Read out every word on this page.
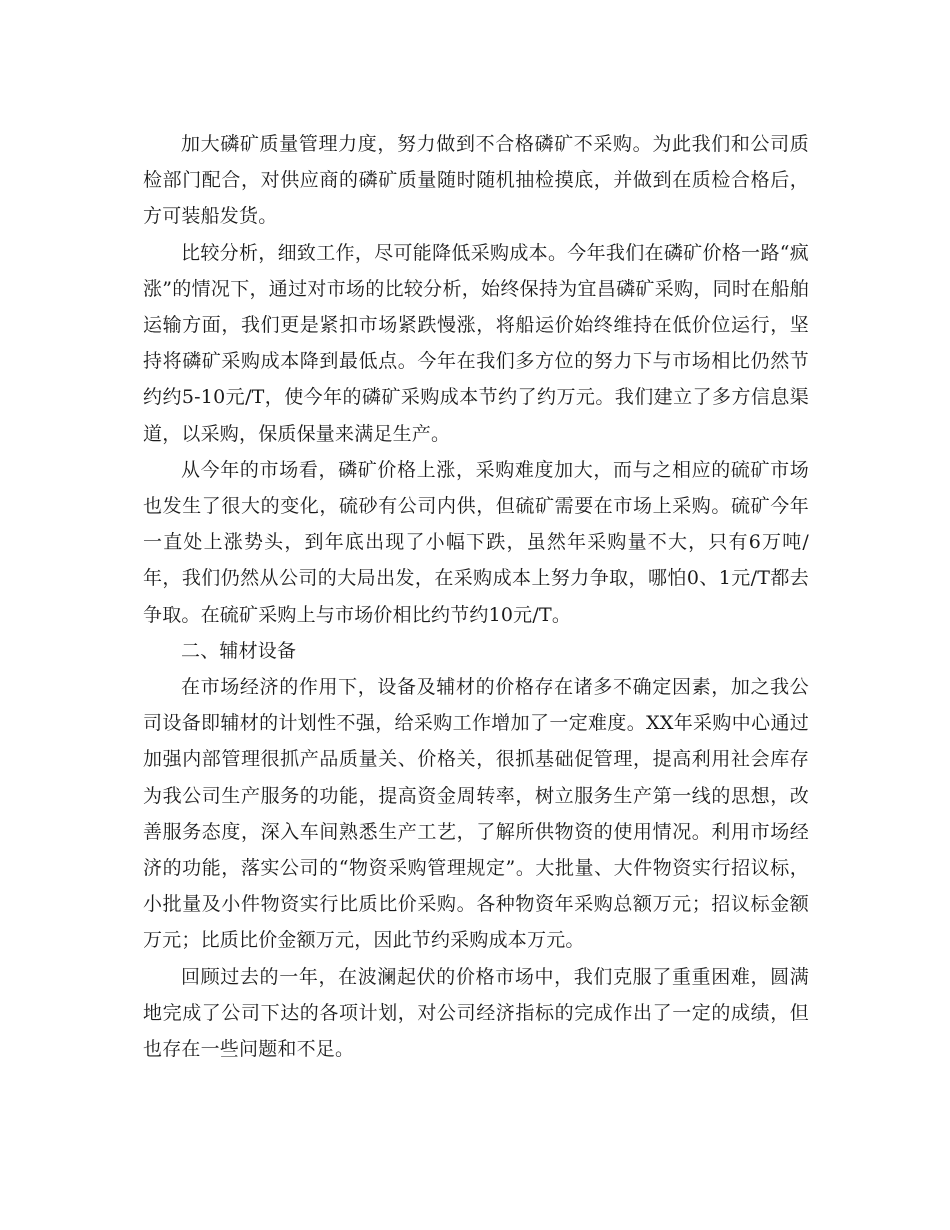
加大磷矿质量管理力度，努力做到不合格磷矿不采购。为此我们和公司质检部门配合，对供应商的磷矿质量随时随机抽检摸底，并做到在质检合格后，方可装船发货。

比较分析，细致工作，尽可能降低采购成本。今年我们在磷矿价格一路“疯涨”的情况下，通过对市场的比较分析，始终保持为宜昌磷矿采购，同时在船舶运输方面，我们更是紧扣市场紧跌慢涨，将船运价始终维持在低价位运行，坚持将磷矿采购成本降到最低点。今年在我们多方位的努力下与市场相比仍然节约约5-10元/T，使今年的磷矿采购成本节约了约万元。我们建立了多方信息渠道，以采购，保质保量来满足生产。

从今年的市场看，磷矿价格上涨，采购难度加大，而与之相应的硫矿市场也发生了很大的变化，硫砂有公司内供，但硫矿需要在市场上采购。硫矿今年一直处上涨势头，到年底出现了小幅下跌，虽然年采购量不大，只有6万吨/年，我们仍然从公司的大局出发，在采购成本上努力争取，哪怕0、1元/T都去争取。在硫矿采购上与市场价相比约节约10元/T。

二、辅材设备

在市场经济的作用下，设备及辅材的价格存在诸多不确定因素，加之我公司设备即辅材的计划性不强，给采购工作增加了一定难度。XX年采购中心通过加强内部管理很抓产品质量关、价格关，很抓基础促管理，提高利用社会库存为我公司生产服务的功能，提高资金周转率，树立服务生产第一线的思想，改善服务态度，深入车间熟悉生产工艺，了解所供物资的使用情况。利用市场经济的功能，落实公司的“物资采购管理规定”。大批量、大件物资实行招议标，小批量及小件物资实行比质比价采购。各种物资年采购总额万元；招议标金额万元；比质比价金额万元，因此节约采购成本万元。

回顾过去的一年，在波澜起伏的价格市场中，我们克服了重重困难，圆满地完成了公司下达的各项计划，对公司经济指标的完成作出了一定的成绩，但也存在一些问题和不足。
